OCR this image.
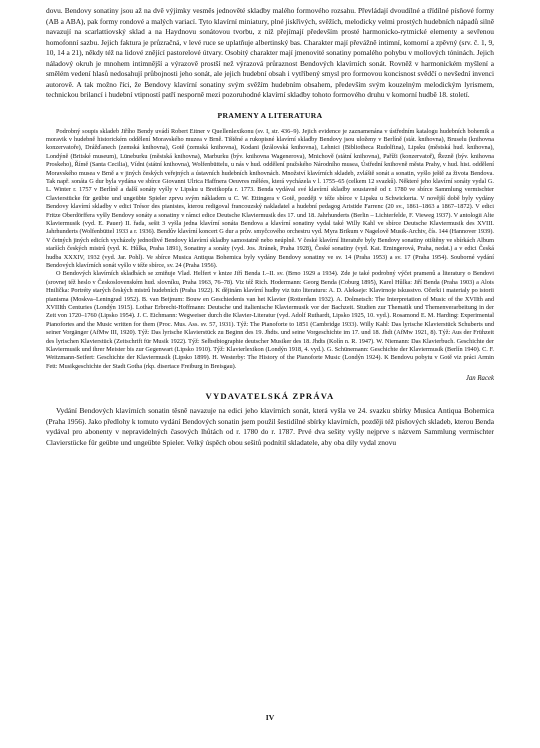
dovu. Bendovy sonatiny jsou až na dvě výjimky vesměs jednověté skladby malého formového rozsahu. Převládají dvoudílné a třídílné písňové formy (AB a ABA), pak formy rondové a malých variací. Tyto klavírní miniatury, plné jiskřivých, svěžích, melodicky velmi prostých hudebních nápadů silně navazují na scarlattiovský sklad a na Haydnovu sonátovou tvorbu, z níž přejímají především prosté harmonicko-rytmické elementy a sevřenou homofonní sazbu. Jejich faktura je průzračná, v levé ruce se uplatňuje albertinský bas. Charakter mají převážně intimní, komorní a zpěvný (srv. č. 1, 9, 10, 14 a 21), někdy též na lidové znějící pastorelové útvary. Osobitý charakter mají jmenovité sonatiny pomalého pohybu v mollových tóninách. Jejich náladový okruh je mnohem intimnější a výrazově prostší než výrazová průraznost Bendových klavírních sonát. Rovněž v harmonickém myšlení a smělém vedení hlasů nedosahují průbojnosti jeho sonát, ale jejich hudební obsah i vytříbený smysl pro formovou koncisnost svědčí o nevšední invenci autorově. A tak možno říci, že Bendovy klavírní sonatiny svým svěžím hudebním obsahem, především svým kouzelným melodickým lyrismem, technickou brilancí i hudební vtipností patří nesporně mezi pozoruhodné klavírní skladby tohoto formového druhu v komorní hudbě 18. století.

PRAMENY A LITERATURA

Podrobný soupis skladeb Jiřího Bendy uvádí Robert Eitner v Quellenlexikonu (sv. I, str. 436–9). Jejich evidence je zaznamenána v ústředním katalogu hudebních bohemik a moravik v hudebně historickém oddělení Moravského muzea v Brně. Tištěné a rukopisné klavírní skladby Bendovy jsou uloženy v Berlíně (stát. knihovna), Bruselu (knihovna konzervatoře), Drážďanech (zemská knihovna), Gotě (zemská knihovna), Kodani (královská knihovna), Lehnici (Bibliotheca Rudolfina), Lipsku (městská hud. knihovna), Londýně (Britské museum), Lüneburku (městská knihovna), Marburku (býv. knihovna Wagenerova), Mnichově (státní knihovna), Paříži (konzervatoř), Řezně (býv. knihovna Proskeho), Římě (Santa Cecilia), Vídni (státní knihovna), Wolfenbüttelu, u nás v hud. oddělení pražského Národního musea, Ústřední knihovně města Prahy, v hud. hist. oddělení Moravského musea v Brně a v jiných českých veřejných a ústavních hudebních knihovnách. Množství klavírních skladeb, zvláště sonát a sonatin, vyšlo ještě za života Bendova. Tak např. sonáta G dur byla vydána ve sbírce Giovanni Ulrica Haffnera Oeuvres mêlées, která vycházela v l. 1755–65 (celkem 12 svazků). Některé jeho klavírní sonáty vydal G. L. Winter r. 1757 v Berlíně a další sonáty vyšly v Lipsku u Breitkopfa r. 1773. Benda vydával své klavírní skladby soustavně od r. 1780 ve sbírce Sammlung vermischter Clavierstücke für geübte und ungeübte Spieler zprvu svým nákladem u C. W. Ettingera v Gotě, později v téže sbírce v Lipsku u Schwickerta. V novější době byly vydány Bendovy klavírní skladby v edici Trésor des pianistes, kterou redigoval francouzský nakladatel a hudební pedagog Aristide Farrenc (20 sv., 1861–1863 a 1867–1872). V edici Fritze Oberdörffera vyšly Bendovy sonáty a sonatiny v rámci edice Deutsche Klaviermusik des 17. und 18. Jahrhunderts (Berlin – Lichterfelde, F. Vieweg 1937). V antologii Alte Klaviermusik (vyd. E. Pauer) II. řada, sešit 3 vyšla jedna klavírní sonáta Bendova a klavírní sonatiny vydal také Willy Kahl ve sbírce Deutsche Klaviermusik des XVIII. Jahrhunderts (Wolfenbüttel 1933 a r. 1936). Bendův klavírní koncert G dur a prův. smyčcového orchestru vyd. Myra Brikum v Nagelově Musik-Archiv, čís. 144 (Hannover 1939). V četných jiných edicích vycházely jednotlivé Bendovy klavírní skladby samostatně nebo neúplně. V české klavírní literatuře byly Bendovy sonatiny otištěny ve sbírkách Album starších českých mistrů (vyd. K. Hůlka, Praha 1891), Sonatiny a sonáty (vyd. Jos. Jiránek, Praha 1928), České sonatiny (vyd. Kat. Emingerová, Praha, nedat.) a v edici Česká hudba XXXIV, 1932 (vyd. Jar. Pohl). Ve sbírce Musica Antiqua Bohemica byly vydány Bendovy sonatiny ve sv. 14 (Praha 1953) a sv. 17 (Praha 1954). Souborné vydání Bendových klavírních sonát vyšlo v téže sbírce, sv. 24 (Praha 1956).

O Bendových klavírních skladbách se zmiňuje Vlad. Helfert v knize Jiří Benda I.–II. sv. (Brno 1929 a 1934). Zde je také podrobný výčet pramenů a literatury o Bendovi (srovnej též heslo v Československém hud. slovníku, Praha 1963, 76–78). Viz též Rich. Hodermann: Georg Benda (Coburg 1895), Karel Hůlka: Jiří Benda (Praha 1903) a Alois Hnilička: Portréty starých českých mistrů hudebních (Praha 1922). K dějinám klavírní hudby viz tuto literaturu: A. D. Alekseje: Klavirnoje iskusstvo. Očerki i materialy po istorii pianisma (Moskva–Leningrad 1952). B. van Beijnum: Bouw en Geschiedenis van het Klavier (Rotterdam 1932). A. Dolmetsch: The Interpretation of Music of the XVIIth and XVIIIth Centuries (Londýn 1915). Lothar Erbrecht-Hoffmann: Deutsche und italienische Klaviermusik vor der Bachzeit. Studien zur Thematik und Themenverarbeitung in der Zeit von 1720–1760 (Lipsko 1954). J. C. Eichmann: Wegweiser durch die Klavier-Literatur (vyd. Adolf Ruthardt, Lipsko 1925, 10. vyd.). Rosamond E. M. Harding: Experimental Pianofortes and the Music written for them (Proc. Mus. Ass. sv. 57, 1931). Týž: The Pianoforte to 1851 (Cambridge 1933). Willy Kahl: Das lyrische Klavierstück Schuberts und seiner Vorgänger (AfMw III, 1920). Týž: Das lyrische Klavierstück zu Beginn des 19. Jhdts. und seine Vorgeschichte im 17. und 18. Jhdt (AfMw 1921, 8). Týž: Aus der Frühzeit des lyrischen Klavierstück (Zeitschrift für Musik 1922). Týž: Selbstbiographie deutscher Musiker des 18. Jhdts (Kolín n. R. 1947). W. Niemann: Das Klavierbuch. Geschichte der Klaviermusik und ihrer Meister bis zur Gegenwart (Lipsko 1910). Týž: Klavierlexikon (Londýn 1918, 4. vyd.). G. Schünemann: Geschichte der Klaviermusik (Berlín 1940). C. F. Weitzmann-Seifert: Geschichte der Klaviermusik (Lipsko 1899). H. Westerby: The History of the Pianoforte Music (Londýn 1924). K Bendovu pobytu v Gotě viz práci Armin Fett: Musikgeschichte der Stadt Gotha (rkp. disertace Freiburg in Breisgau).

Jan Racek

VYDAVATELSKÁ ZPRÁVA

Vydání Bendových klavírních sonatin těsně navazuje na edici jeho klavírních sonát, která vyšla ve 24. svazku sbírky Musica Antiqua Bohemica (Praha 1956). Jako předlohy k tomuto vydání Bendových sonatin jsem použil šestidílné sbírky klavírních, později též písňových skladeb, kterou Benda vydával pro abonenty v nepravidelných časových lhůtách od r. 1780 do r. 1787. Prvé dva sešity vyšly nejprve s názvem Sammlung vermischter Clavierstücke für geübte und ungeübte Spieler. Velký úspěch obou sešitů podnítil skladatele, aby oba díly vydal znovu

IV
